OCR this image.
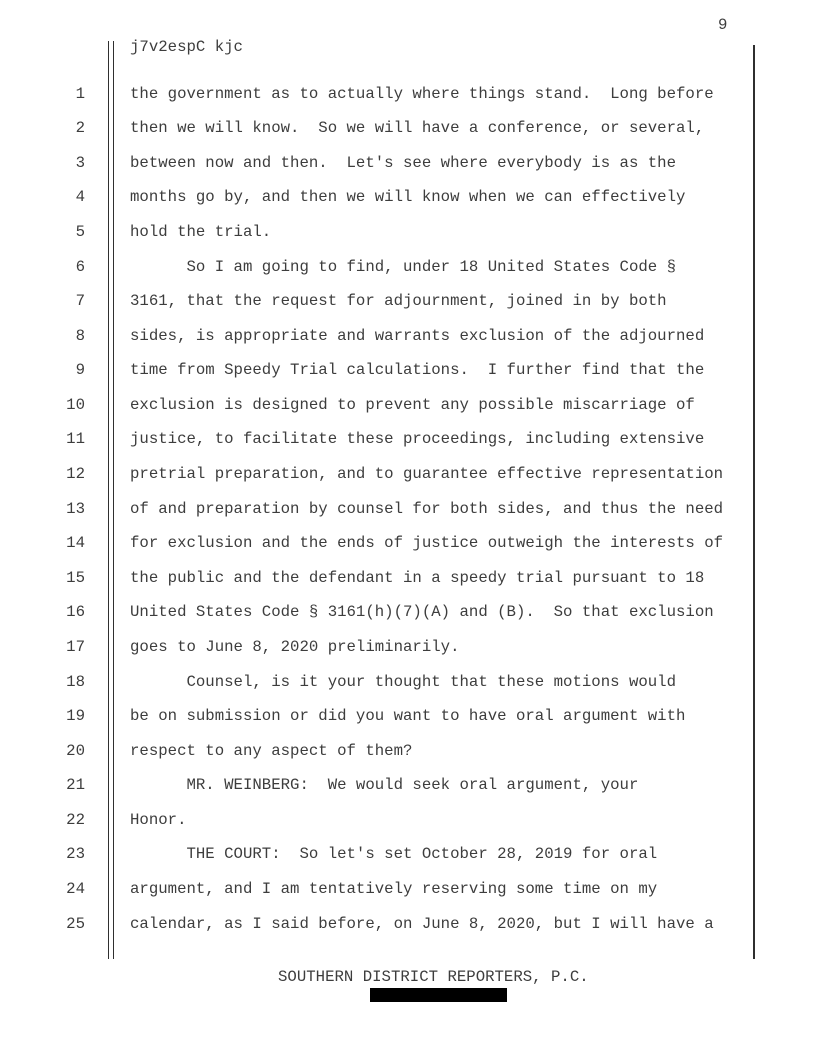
9
j7v2espC kjc
1	the government as to actually where things stand.  Long before
2	then we will know.  So we will have a conference, or several,
3	between now and then.  Let's see where everybody is as the
4	months go by, and then we will know when we can effectively
5	hold the trial.
6	So I am going to find, under 18 United States Code §
7	3161, that the request for adjournment, joined in by both
8	sides, is appropriate and warrants exclusion of the adjourned
9	time from Speedy Trial calculations.  I further find that the
10	exclusion is designed to prevent any possible miscarriage of
11	justice, to facilitate these proceedings, including extensive
12	pretrial preparation, and to guarantee effective representation
13	of and preparation by counsel for both sides, and thus the need
14	for exclusion and the ends of justice outweigh the interests of
15	the public and the defendant in a speedy trial pursuant to 18
16	United States Code § 3161(h)(7)(A) and (B).  So that exclusion
17	goes to June 8, 2020 preliminarily.
18	Counsel, is it your thought that these motions would
19	be on submission or did you want to have oral argument with
20	respect to any aspect of them?
21	MR. WEINBERG:  We would seek oral argument, your
22	Honor.
23	THE COURT:  So let's set October 28, 2019 for oral
24	argument, and I am tentatively reserving some time on my
25	calendar, as I said before, on June 8, 2020, but I will have a
SOUTHERN DISTRICT REPORTERS, P.C.
